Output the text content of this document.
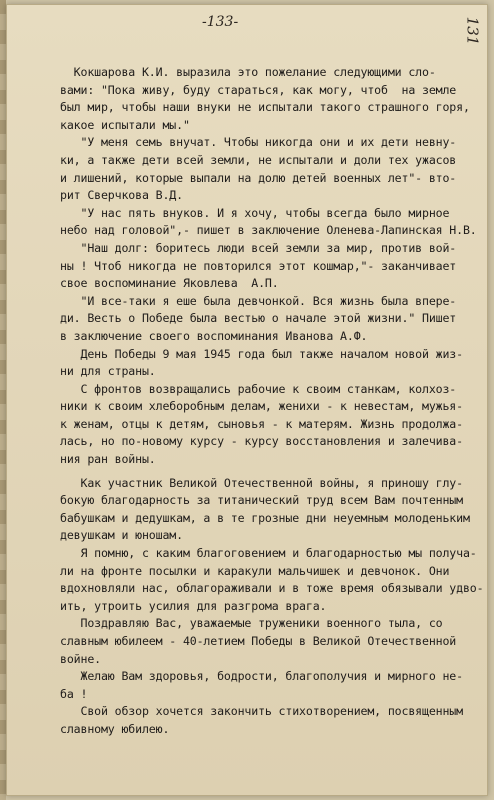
-133-	131
Кокшарова К.И. выразила это пожелание следующими сло-
вами: "Пока живу, буду стараться, как могу, чтоб  на земле
был мир, чтобы наши внуки не испытали такого страшного горя,
какое испытали мы."
"У меня семь внучат. Чтобы никогда они и их дети невну-
ки, а также дети всей земли, не испытали и доли тех ужасов
и лишений, которые выпали на долю детей военных лет"- вто-
рит Сверчкова В.Д.
"У нас пять внуков. И я хочу, чтобы всегда было мирное
небо над головой",- пишет в заключение Оленева-Лапинская Н.В.
"Наш долг: боритесь люди всей земли за мир, против вой-
ны ! Чтоб никогда не повторился этот кошмар,"- заканчивает
свое воспоминание Яковлева  А.П.
"И все-таки я еше была девчонкой. Вся жизнь была впере-
ди. Весть о Победе была вестью о начале этой жизни." Пишет
в заключение своего воспоминания Иванова А.Ф.
День Победы 9 мая 1945 года был также началом новой жиз-
ни для страны.
С фронтов возвращались рабочие к своим станкам, колхоз-
ники к своим хлеборобным делам, женихи - к невестам, мужья-
к женам, отцы к детям, сыновья - к матерям. Жизнь продолжа-
лась, но по-новому курсу - курсу восстановления и залечива-
ния ран войны.
Как участник Великой Отечественной войны, я приношу глу-
бокую благодарность за титанический труд всем Вам почтенным
бабушкам и дедушкам, а в те грозные дни неуемным молоденьким
девушкам и юношам.
Я помню, с каким благоговением и благодарностью мы получа-
ли на фронте посылки и каракули мальчишек и девчонок. Они
вдохновляли нас, облагораживали и в тоже время обязывали удво-
ить, утроить усилия для разгрома врага.
Поздравляю Вас, уважаемые труженики военного тыла, со
славным юбилеем - 40-летием Победы в Великой Отечественной
войне.
Желаю Вам здоровья, бодрости, благополучия и мирного не-
ба !
Свой обзор хочется закончить стихотворением, посвященным
славному юбилею.
